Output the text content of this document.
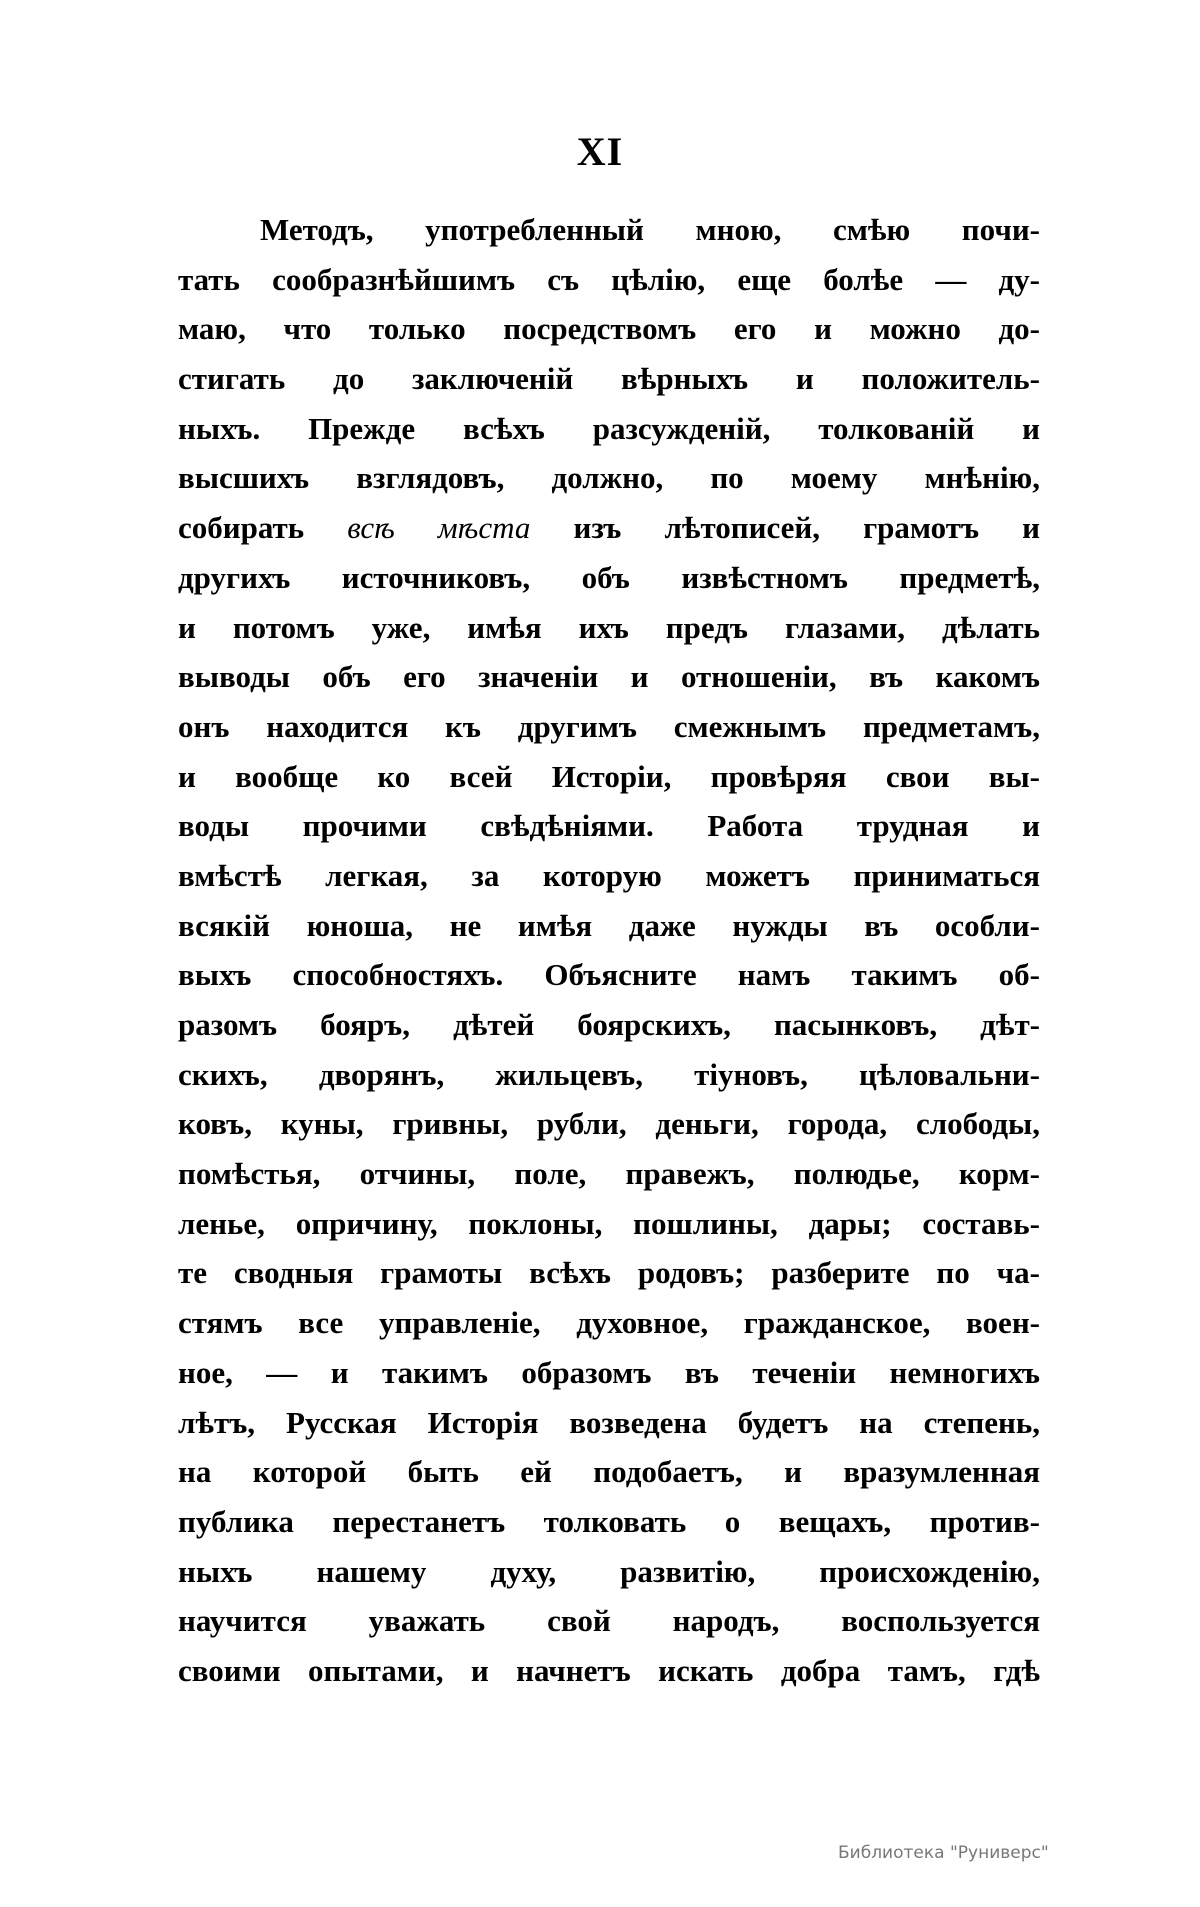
XI
Методъ, употребленный мною, смѣю почи-
тать сообразнѣйшимъ съ цѣлію, еще болѣе — ду-
маю, что только посредствомъ его и можно до-
стигать до заключеній вѣрныхъ и положитель-
ныхъ. Прежде всѣхъ разсужденій, толкованій и
высшихъ взглядовъ, должно, по моему мнѣнію,
собирать всѣ мѣста изъ лѣтописей, грамотъ и
другихъ источниковъ, объ извѣстномъ предметѣ,
и потомъ уже, имѣя ихъ предъ глазами, дѣлать
выводы объ его значеніи и отношеніи, въ какомъ
онъ находится къ другимъ смежнымъ предметамъ,
и вообще ко всей Исторіи, провѣряя свои вы-
воды прочими свѣдѣніями. Работа трудная и
вмѣстѣ легкая, за которую можетъ приниматься
всякій юноша, не имѣя даже нужды въ особли-
выхъ способностяхъ. Объясните намъ такимъ об-
разомъ бояръ, дѣтей боярскихъ, пасынковъ, дѣт-
скихъ, дворянъ, жильцевъ, тіуновъ, цѣловальни-
ковъ, куны, гривны, рубли, деньги, города, слободы,
помѣстья, отчины, поле, правежъ, полюдье, корм-
ленье, опричину, поклоны, пошлины, дары; составь-
те сводныя грамоты всѣхъ родовъ; разберите по ча-
стямъ все управленіе, духовное, гражданское, воен-
ное, — и такимъ образомъ въ теченіи немногихъ
лѣтъ, Русская Исторія возведена будетъ на степень,
на которой быть ей подобаетъ, и вразумленная
публика перестанетъ толковать о вещахъ, против-
ныхъ нашему духу, развитію, происхожденію,
научится уважать свой народъ, воспользуется
своими опытами, и начнетъ искать добра тамъ, гдѣ
Библиотека "Руниверс"
